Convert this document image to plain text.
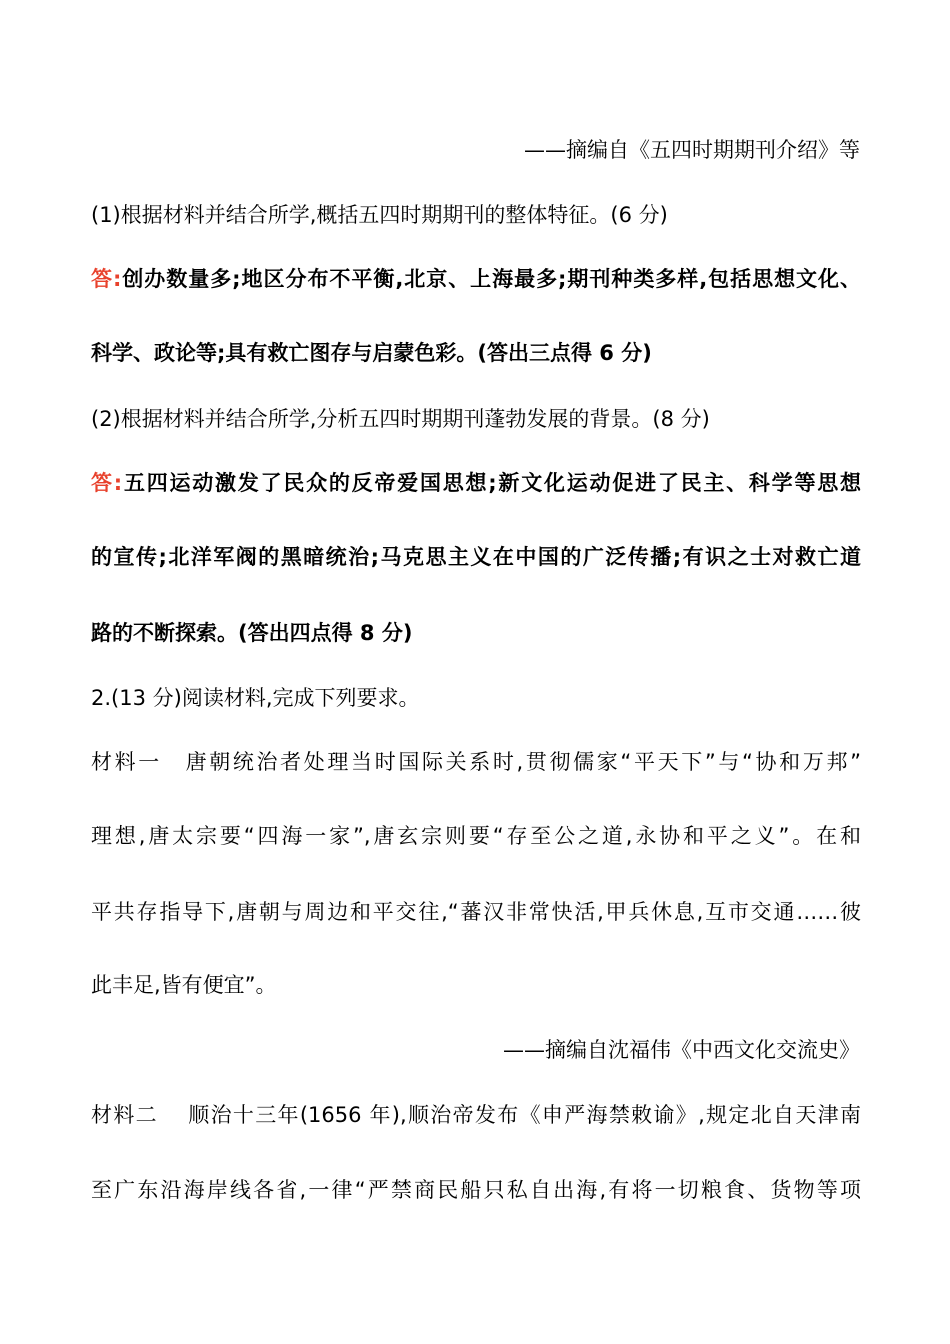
——摘编自《五四时期期刊介绍》等
(1)根据材料并结合所学,概括五四时期期刊的整体特征。(6 分)
答:创办数量多;地区分布不平衡,北京、上海最多;期刊种类多样,包括思想文化、
科学、政论等;具有救亡图存与启蒙色彩。(答出三点得 6 分)
(2)根据材料并结合所学,分析五四时期期刊蓬勃发展的背景。(8 分)
答:五四运动激发了民众的反帝爱国思想;新文化运动促进了民主、科学等思想
的宣传;北洋军阀的黑暗统治;马克思主义在中国的广泛传播;有识之士对救亡道
路的不断探索。(答出四点得 8 分)
2.(13 分)阅读材料,完成下列要求。
材料一　唐朝统治者处理当时国际关系时,贯彻儒家“平天下”与“协和万邦”
理想,唐太宗要“四海一家”,唐玄宗则要“存至公之道,永协和平之义”。在和
平共存指导下,唐朝与周边和平交往,“蕃汉非常快活,甲兵休息,互市交通……彼
此丰足,皆有便宜”。
——摘编自沈福伟《中西文化交流史》
材料二　 顺治十三年(1656 年),顺治帝发布《申严海禁敕谕》,规定北自天津南
至广东沿海岸线各省,一律“严禁商民船只私自出海,有将一切粮食、货物等项
